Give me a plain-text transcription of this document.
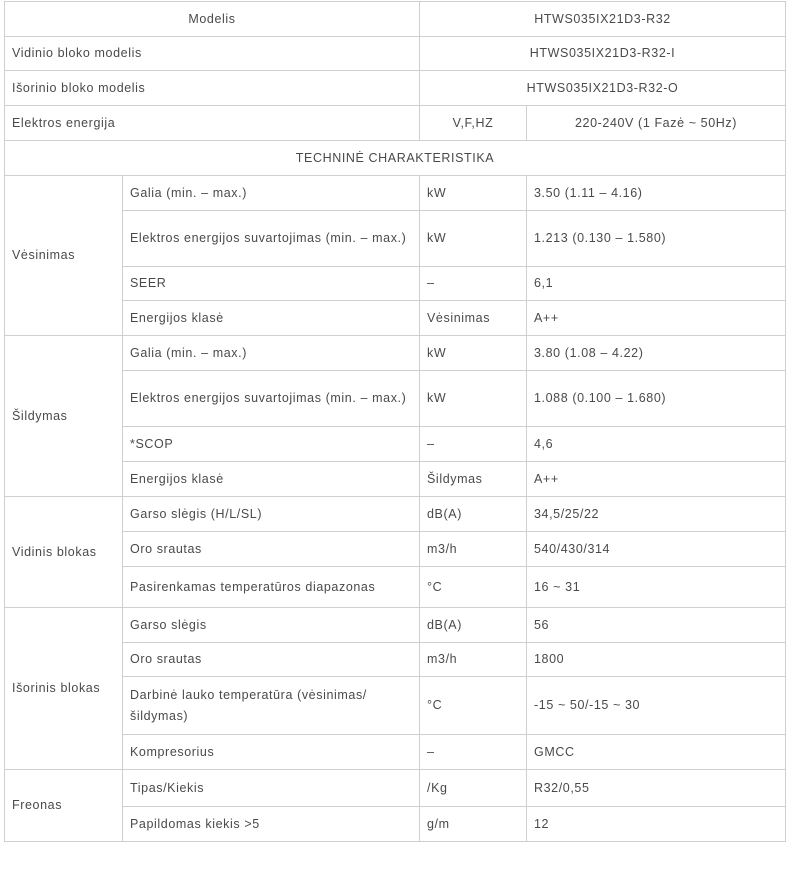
Modelis		HTWS035IX21D3-R32	
Vidinio bloko modelis		HTWS035IX21D3-R32-I	
Išorinio bloko modelis		HTWS035IX21D3-R32-O	
Elektros energija		V,F,HZ	220-240V (1 Fazė ~ 50Hz)
TECHNINĖ CHARAKTERISTIKA			
Vėsinimas	Galia (min. – max.)	kW	3.50 (1.11 – 4.16)
	Elektros energijos suvartojimas (min. – max.)	kW	1.213 (0.130 – 1.580)
	SEER	–	6,1
	Energijos klasė	Vėsinimas	A++
Šildymas	Galia (min. – max.)	kW	3.80 (1.08 – 4.22)
	Elektros energijos suvartojimas (min. – max.)	kW	1.088 (0.100 – 1.680)
	*SCOP	–	4,6
	Energijos klasė	Šildymas	A++
Vidinis blokas	Garso slėgis (H/L/SL)	dB(A)	34,5/25/22
	Oro srautas	m3/h	540/430/314
	Pasirenkamas temperatūros diapazonas	°C	16 ~ 31
Išorinis blokas	Garso slėgis	dB(A)	56
	Oro srautas	m3/h	1800
	Darbinė lauko temperatūra (vėsinimas/šildymas)	°C	-15 ~ 50/-15 ~ 30
	Kompresorius	–	GMCC
Freonas	Tipas/Kiekis	/Kg	R32/0,55
	Papildomas kiekis >5	g/m	12
